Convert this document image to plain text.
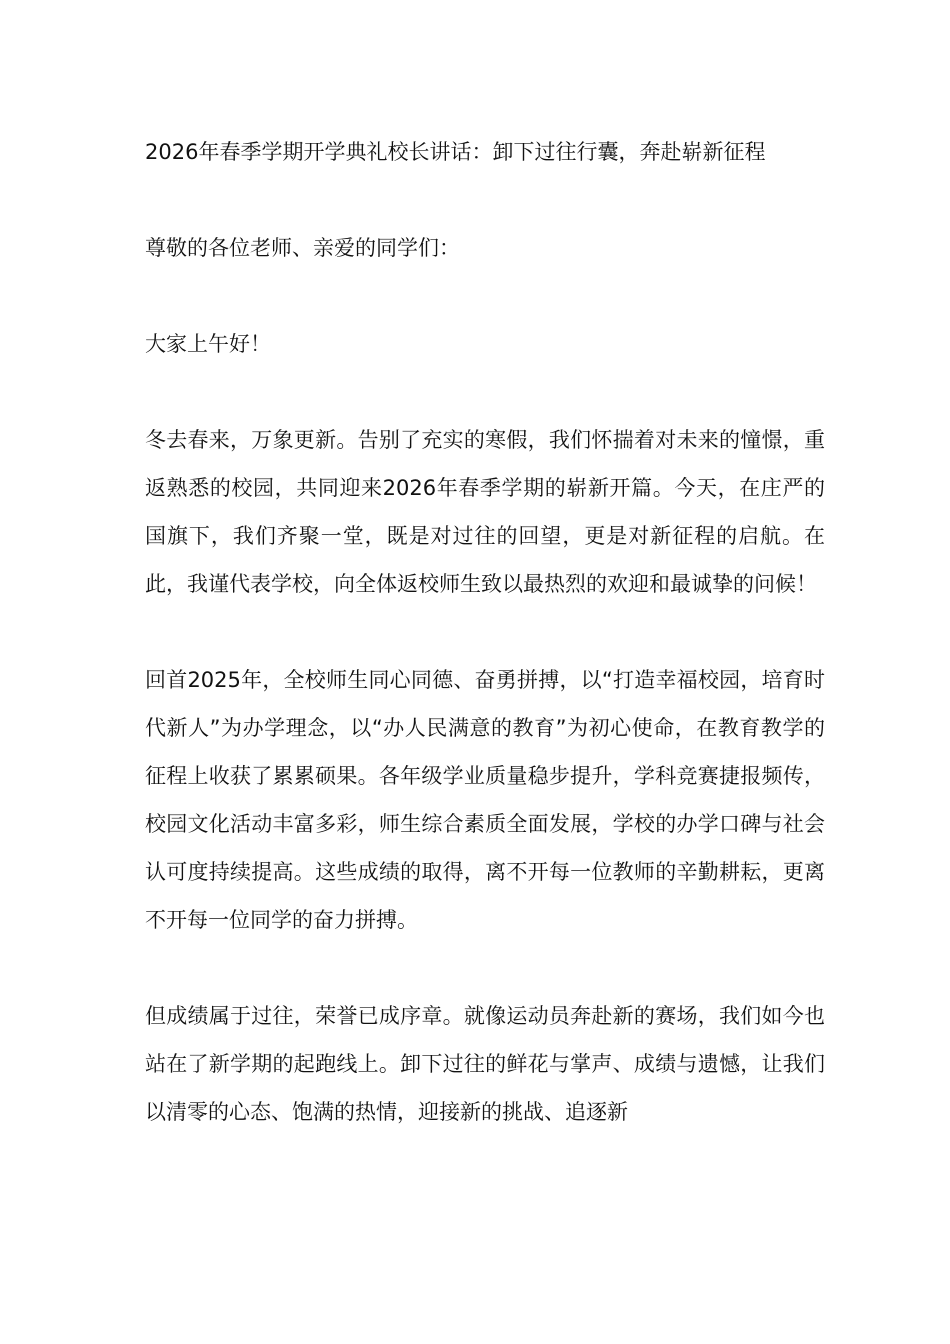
2026年春季学期开学典礼校长讲话：卸下过往行囊，奔赴崭新征程

尊敬的各位老师、亲爱的同学们：

大家上午好！

冬去春来，万象更新。告别了充实的寒假，我们怀揣着对未来的憧憬，重返熟悉的校园，共同迎来2026年春季学期的崭新开篇。今天，在庄严的国旗下，我们齐聚一堂，既是对过往的回望，更是对新征程的启航。在此，我谨代表学校，向全体返校师生致以最热烈的欢迎和最诚挚的问候！

回首2025年，全校师生同心同德、奋勇拼搏，以“打造幸福校园，培育时代新人”为办学理念，以“办人民满意的教育”为初心使命，在教育教学的征程上收获了累累硕果。各年级学业质量稳步提升，学科竞赛捷报频传，校园文化活动丰富多彩，师生综合素质全面发展，学校的办学口碑与社会认可度持续提高。这些成绩的取得，离不开每一位教师的辛勤耕耘，更离不开每一位同学的奋力拼搏。

但成绩属于过往，荣誉已成序章。就像运动员奔赴新的赛场，我们如今也站在了新学期的起跑线上。卸下过往的鲜花与掌声、成绩与遗憾，让我们以清零的心态、饱满的热情，迎接新的挑战、追逐新
